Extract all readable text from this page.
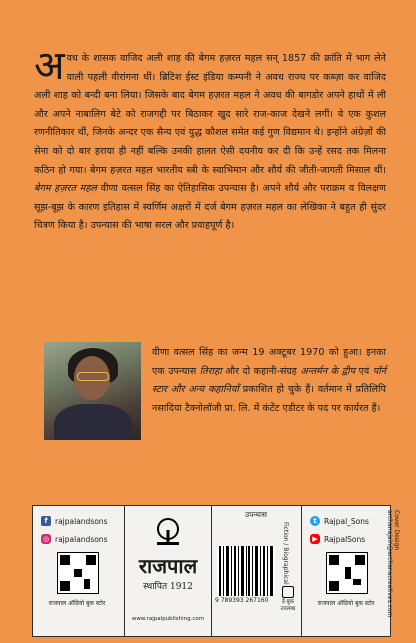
अवध के शासक वाजिद अली शाह की बेगम हज़रत महल सन् 1857 की क्रांति में भाग लेने वाली पहली वीरांगना थीं। ब्रिटिश ईस्ट इंडिया कम्पनी ने अवध राज्य पर कब्ज़ा कर वाजिद अली शाह को बन्दी बना लिया। जिसके बाद बेगम हज़रत महल ने अवध की बागडोर अपने हाथों में ली और अपने नाबालिग बेटे को राजगद्दी पर बिठाकर खुद सारे राज-काज देखने लगीं। वे एक कुशल रणनीतिकार थीं, जिनके अन्दर एक सैन्य एवं युद्ध कौशल समेत कई गुण विद्यमान थे। इन्होंने अंग्रेज़ों की सेना को दो बार हराया ही नहीं बल्कि उनकी हालत ऐसी दयनीय कर दी कि उन्हें रसद तक मिलना कठिन हो गया। बेगम हज़रत महल भारतीय स्त्री के स्वाभिमान और शौर्य की जीती-जागती मिसाल थीं। बेगम हज़रत महल वीणा वत्सल सिंह का ऐतिहासिक उपन्यास है। अपने शौर्य और पराक्रम व विलक्षण सूझ-बूझ के कारण इतिहास में स्वर्णिम अक्षरों में दर्ज बेगम हज़रत महल का लेखिका ने बहुत ही सुंदर चित्रण किया है। उपन्यास की भाषा सरल और प्रवाहपूर्ण है।
वीणा वत्सल सिंह का जन्म 19 अक्टूबर 1970 को हुआ। इनका एक उपन्यास तिराहा और दो कहानी-संग्रह अन्तर्मन के द्वीप एवं पॉर्न स्टार और अन्य कहानियाँ प्रकाशित हो चुके हैं। वर्तमान में प्रतिलिपि नसादिया टैक्नोलॉजी प्रा. लि. में कंटेंट एडीटर के पद पर कार्यरत हैं।
f rajpalandsons
◎ rajpalandsons
राजपाल ऑडियो बुक स्टोर
राजपाल
स्थापित 1912
www.rajpalpublishing.com
उपन्यास
Fiction / Biographical
9 789393 267160	ई-बुक उपलब्ध
t Rajpal_Sons
▶ RajpalSons
राजपाल ऑडियो बुक स्टोर
Cover Design
archanajain@archanacreatives.com
